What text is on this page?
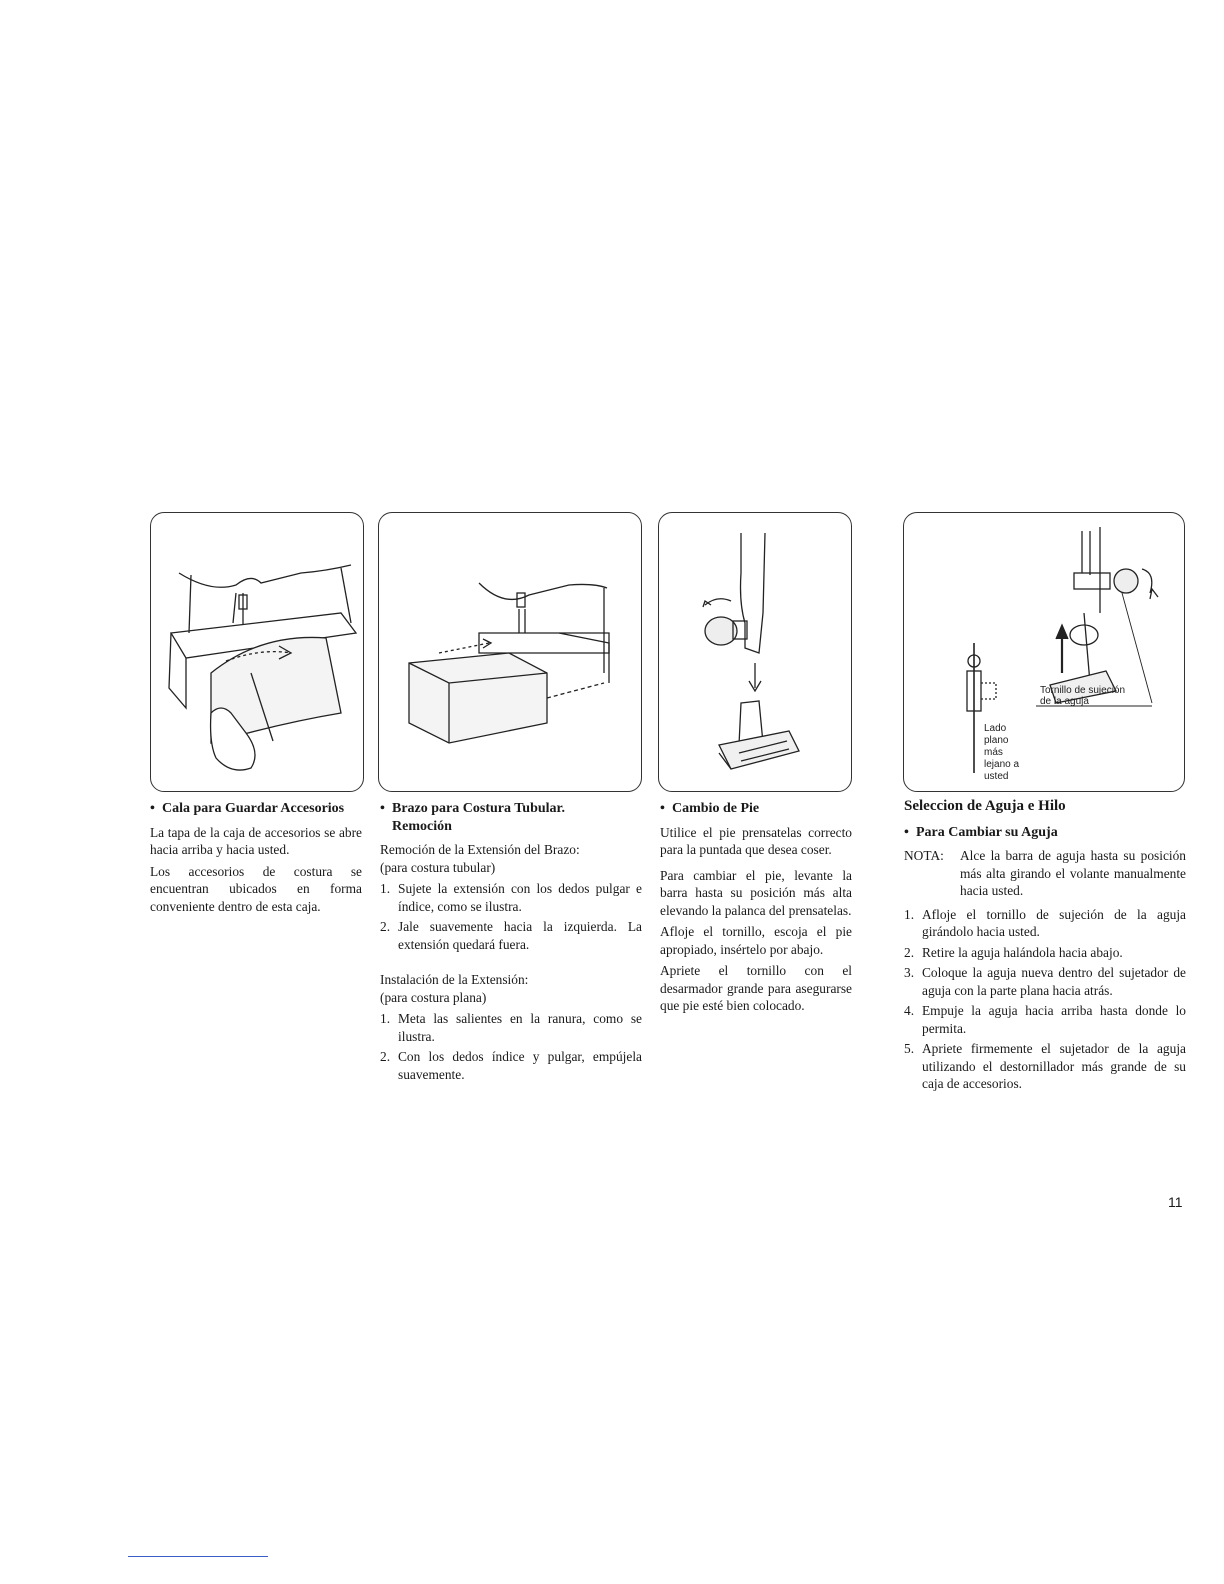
Tornillo de sujeción
de la aguja
Lado
plano
más
lejano a
usted
• Cala para Guardar Accesorios

La tapa de la caja de accesorios se abre hacia arriba y hacia usted.

Los accesorios de costura se encuentran ubicados en forma conveniente dentro de esta caja.

• Brazo para Costura Tubular.
Remoción
Remoción de la Extensión del Brazo:
(para costura tubular)
1. Sujete la extensión con los dedos pulgar e índice, como se ilustra.
2. Jale suavemente hacia la izquierda. La extensión quedará fuera.
Instalación de la Extensión:
(para costura plana)
1. Meta las salientes en la ranura, como se ilustra.
2. Con los dedos índice y pulgar, empújela suavemente.
• Cambio de Pie

Utilice el pie prensatelas correcto para la puntada que desea coser.

Para cambiar el pie, levante la barra hasta su posición más alta elevando la palanca del prensatelas.

Afloje el tornillo, escoja el pie apropiado, insértelo por abajo.

Apriete el tornillo con el desarmador grande para asegurarse que pie esté bien colocado.

Seleccion de Aguja e Hilo
• Para Cambiar su Aguja
NOTA: Alce la barra de aguja hasta su posición más alta girando el volante manualmente hacia usted.
1. Afloje el tornillo de sujeción de la aguja girándolo hacia usted.
2. Retire la aguja halándola hacia abajo.
3. Coloque la aguja nueva dentro del sujetador de aguja con la parte plana hacia atrás.
4. Empuje la aguja hacia arriba hasta donde lo permita.
5. Apriete firmemente el sujetador de la aguja utilizando el destornillador más grande de su caja de accesorios.
11
